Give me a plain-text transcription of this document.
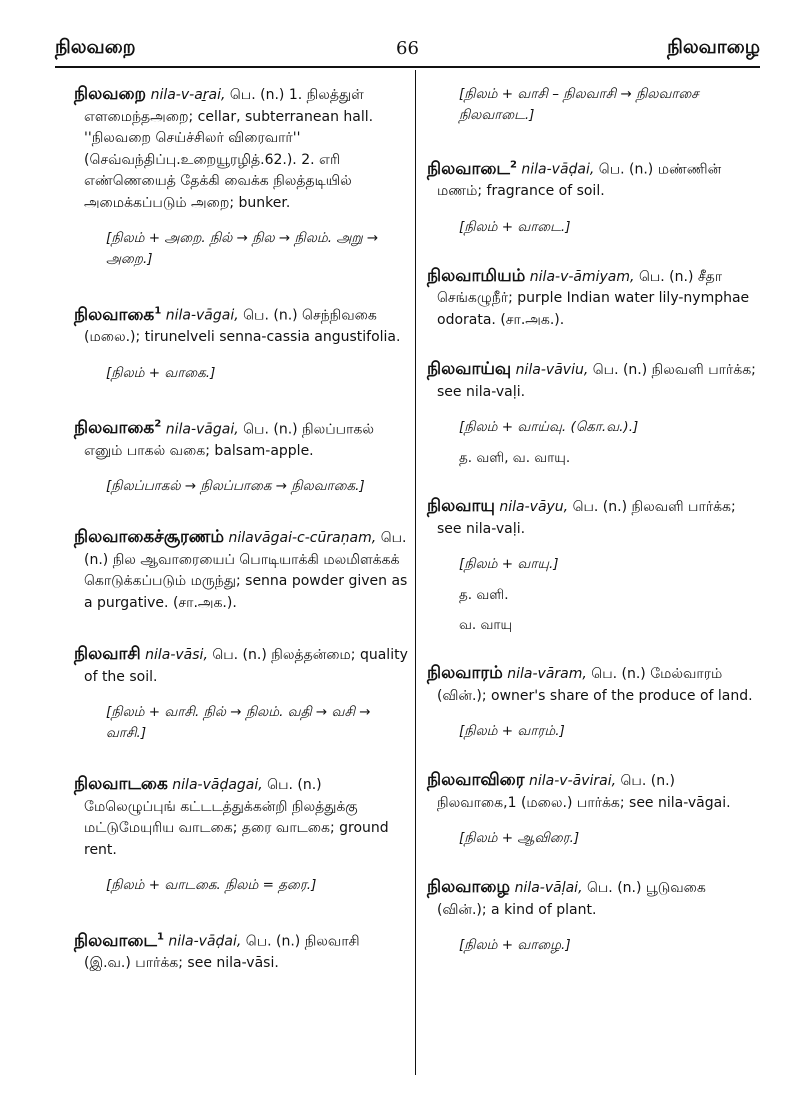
நிலவறை	66	நிலவாழை
நிலவறை nila-v-aṟai, பெ. (n.) 1. நிலத்துள் எளமைந்தஅறை; cellar, subterranean hall. ''நிலவறை செய்ச்சிலர் விரைவார்'' (செவ்வந்திப்பு.உறையூரழித்.62.). 2. எரி எண்ணெயைத் தேக்கி வைக்க நிலத்தடியில் அமைக்கப்படும் அறை; bunker.
[நிலம் + அறை. நில் → நில → நிலம். அறு → அறை.]
நிலவாகை$^1$ nila-vāgai, பெ. (n.) செந்நிவகை (மலை.); tirunelveli senna-cassia angustifolia.
[நிலம் + வாகை.]
நிலவாகை$^2$ nila-vāgai, பெ. (n.) நிலப்பாகல் எனும் பாகல் வகை; balsam-apple.
[நிலப்பாகல் → நிலப்பாகை → நிலவாகை.]
நிலவாகைச்சூரணம் nilavāgai-c-cūraṇam, பெ. (n.) நில ஆவாரையைப் பொடியாக்கி மலமிளக்கக் கொடுக்கப்படும் மருந்து; senna powder given as a purgative. (சா.அக.).
நிலவாசி nila-vāsi, பெ. (n.) நிலத்தன்மை; quality of the soil.
[நிலம் + வாசி. நில் → நிலம். வதி → வசி → வாசி.]
நிலவாடகை nila-vāḍagai, பெ. (n.) மேலெழுப்புங் கட்டடத்துக்கன்றி நிலத்துக்கு மட்டுமேயுரிய வாடகை; தரை வாடகை; ground rent.
[நிலம் + வாடகை. நிலம் = தரை.]
நிலவாடை$^1$ nila-vāḍai, பெ. (n.) நிலவாசி (இ.வ.) பார்க்க; see nila-vāsi.
[நிலம் + வாசி – நிலவாசி → நிலவாசை நிலவாடை.]
நிலவாடை$^2$ nila-vāḍai, பெ. (n.) மண்ணின் மணம்; fragrance of soil.
[நிலம் + வாடை.]
நிலவாமியம் nila-v-āmiyam, பெ. (n.) சீதா செங்கழுநீர்; purple Indian water lily-nymphae odorata. (சா.அக.).
நிலவாய்வு nila-vāviu, பெ. (n.) நிலவளி பார்க்க; see nila-vaḷi.
[நிலம் + வாய்வு. (கொ.வ.).]
த. வளி, வ. வாயு.
நிலவாயு nila-vāyu, பெ. (n.) நிலவளி பார்க்க; see nila-vaḷi.
[நிலம் + வாயு.]
த. வளி.
வ. வாயு
நிலவாரம் nila-vāram, பெ. (n.) மேல்வாரம் (வின்.); owner's share of the produce of land.
[நிலம் + வாரம்.]
நிலவாவிரை nila-v-āvirai, பெ. (n.) நிலவாகை,1 (மலை.) பார்க்க; see nila-vāgai.
[நிலம் + ஆவிரை.]
நிலவாழை nila-vāḷai, பெ. (n.) பூடுவகை (வின்.); a kind of plant.
[நிலம் + வாழை.]
